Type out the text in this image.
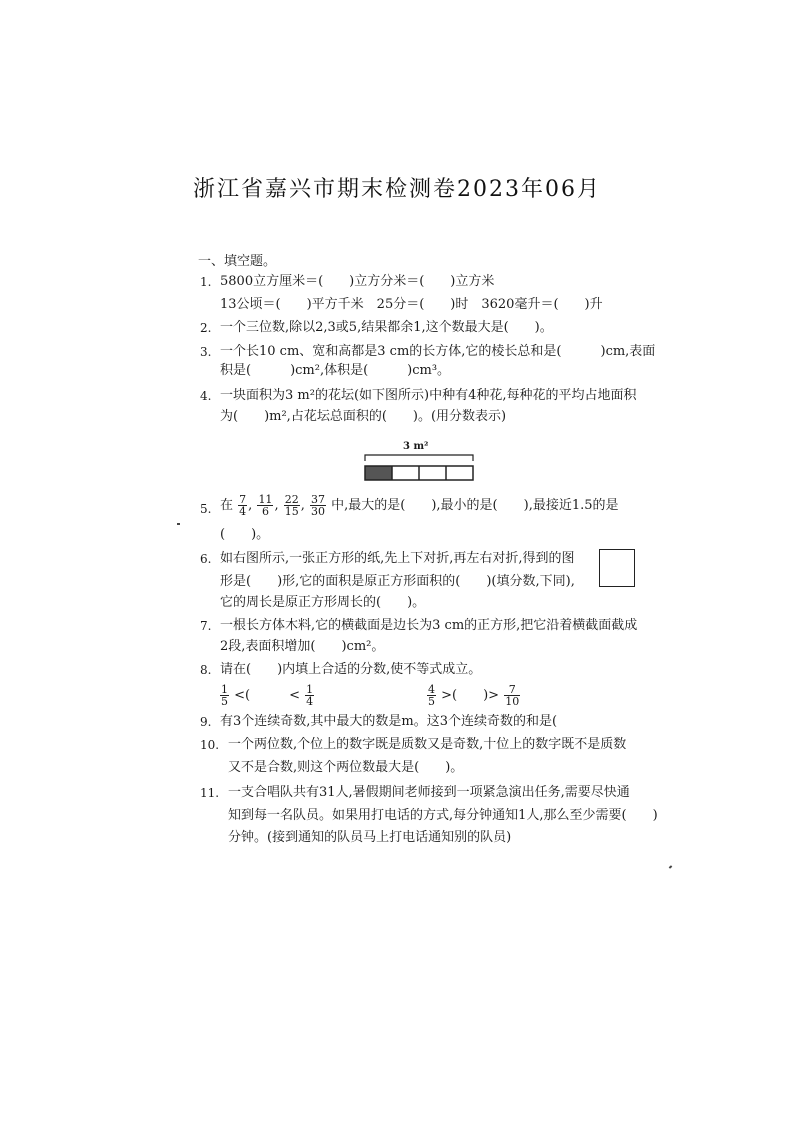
浙江省嘉兴市期末检测卷2023年06月
一、填空题。
1. 5800立方厘米＝(　　)立方分米＝(　　)立方米
13公顷＝(　　)平方千米　25分＝(　　)时　3620毫升＝(　　)升
2. 一个三位数,除以2,3或5,结果都余1,这个数最大是(　　)。
3. 一个长10 cm、宽和高都是3 cm的长方体,它的棱长总和是(　　　)cm,表面
积是(　　　)cm²,体积是(　　　)cm³。
4. 一块面积为3 m²的花坛(如下图所示)中种有4种花,每种花的平均占地面积
为(　　)m²,占花坛总面积的(　　)。(用分数表示)
3 m²
5. 在 $\frac{7}{4}$ , $\frac{11}{6}$ , $\frac{22}{15}$ , $\frac{37}{30}$ 中,最大的是(　　),最小的是(　　),最接近1.5的是
(　　)。
6. 如右图所示,一张正方形的纸,先上下对折,再左右对折,得到的图
形是(　　)形,它的面积是原正方形面积的(　　)(填分数,下同),
它的周长是原正方形周长的(　　)。
7. 一根长方体木料,它的横截面是边长为3 cm的正方形,把它沿着横截面截成
2段,表面积增加(　　)cm²。
8. 请在(　　)内填上合适的分数,使不等式成立。
$\frac{1}{5}$ <(　　　< $\frac{1}{4}$	$\frac{4}{5}$ >(　　)> $\frac{7}{10}$
9. 有3个连续奇数,其中最大的数是m。这3个连续奇数的和是(
10. 一个两位数,个位上的数字既是质数又是奇数,十位上的数字既不是质数
又不是合数,则这个两位数最大是(　　)。
11. 一支合唱队共有31人,暑假期间老师接到一项紧急演出任务,需要尽快通
知到每一名队员。如果用打电话的方式,每分钟通知1人,那么至少需要(　　)
分钟。(接到通知的队员马上打电话通知别的队员)
